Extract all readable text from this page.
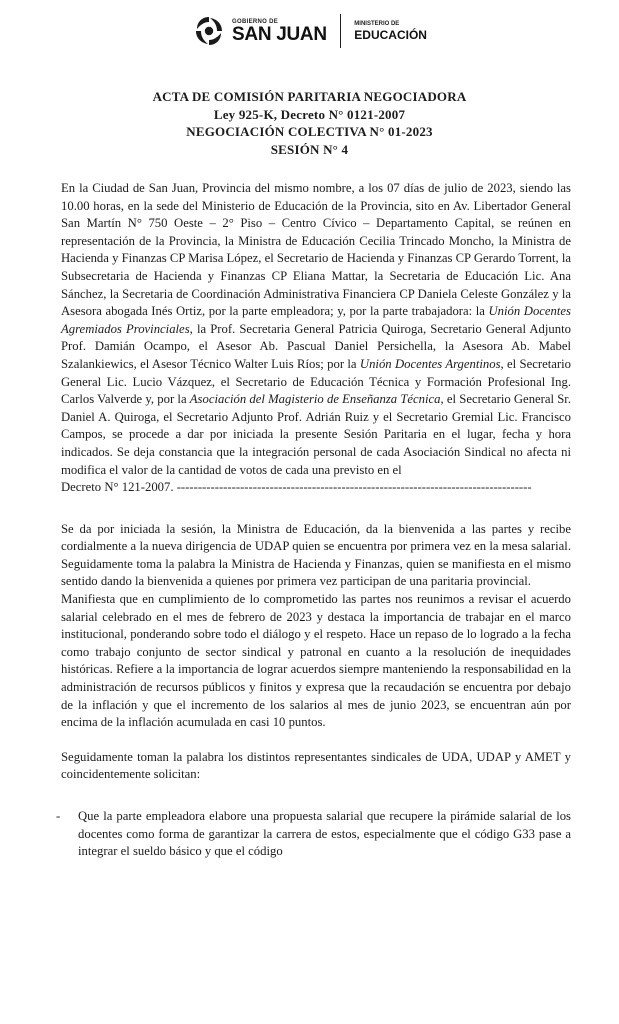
GOBIERNO DE
SAN JUAN	MINISTERIO DE
EDUCACIÓN
ACTA DE COMISIÓN PARITARIA NEGOCIADORA
Ley 925-K, Decreto N° 0121-2007
NEGOCIACIÓN COLECTIVA N° 01-2023
SESIÓN N° 4

En la Ciudad de San Juan, Provincia del mismo nombre, a los 07 días de julio de 2023, siendo las 10.00 horas, en la sede del Ministerio de Educación de la Provincia, sito en Av. Libertador General San Martín N° 750 Oeste – 2° Piso – Centro Cívico – Departamento Capital, se reúnen en representación de la Provincia, la Ministra de Educación Cecilia Trincado Moncho, la Ministra de Hacienda y Finanzas CP Marisa López, el Secretario de Hacienda y Finanzas CP Gerardo Torrent, la Subsecretaria de Hacienda y Finanzas CP Eliana Mattar, la Secretaria de Educación Lic. Ana Sánchez, la Secretaria de Coordinación Administrativa Financiera CP Daniela Celeste González y la Asesora abogada Inés Ortiz, por la parte empleadora; y, por la parte trabajadora: la Unión Docentes Agremiados Provinciales, la Prof. Secretaria General Patricia Quiroga, Secretario General Adjunto Prof. Damián Ocampo, el Asesor Ab. Pascual Daniel Persichella, la Asesora Ab. Mabel Szalankiewics, el Asesor Técnico Walter Luis Ríos; por la Unión Docentes Argentinos, el Secretario General Lic. Lucio Vázquez, el Secretario de Educación Técnica y Formación Profesional Ing. Carlos Valverde y, por la Asociación del Magisterio de Enseñanza Técnica, el Secretario General Sr. Daniel A. Quiroga, el Secretario Adjunto Prof. Adrián Ruiz y el Secretario Gremial Lic. Francisco Campos, se procede a dar por iniciada la presente Sesión Paritaria en el lugar, fecha y hora indicados. Se deja constancia que la integración personal de cada Asociación Sindical no afecta ni modifica el valor de la cantidad de votos de cada una previsto en el

Decreto N° 121-2007. ------------------------------------------------------------------------------------

Se da por iniciada la sesión, la Ministra de Educación, da la bienvenida a las partes y recibe cordialmente a la nueva dirigencia de UDAP quien se encuentra por primera vez en la mesa salarial. Seguidamente toma la palabra la Ministra de Hacienda y Finanzas, quien se manifiesta en el mismo sentido dando la bienvenida a quienes por primera vez participan de una paritaria provincial.

Manifiesta que en cumplimiento de lo comprometido las partes nos reunimos a revisar el acuerdo salarial celebrado en el mes de febrero de 2023 y destaca la importancia de trabajar en el marco institucional, ponderando sobre todo el diálogo y el respeto. Hace un repaso de lo logrado a la fecha como trabajo conjunto de sector sindical y patronal en cuanto a la resolución de inequidades históricas. Refiere a la importancia de lograr acuerdos siempre manteniendo la responsabilidad en la administración de recursos públicos y finitos y expresa que la recaudación se encuentra por debajo de la inflación y que el incremento de los salarios al mes de junio 2023, se encuentran aún por encima de la inflación acumulada en casi 10 puntos.

Seguidamente toman la palabra los distintos representantes sindicales de UDA, UDAP y AMET y coincidentemente solicitan:

-	Que la parte empleadora elabore una propuesta salarial que recupere la pirámide salarial de los docentes como forma de garantizar la carrera de estos, especialmente que el código G33 pase a integrar el sueldo básico y que el código
